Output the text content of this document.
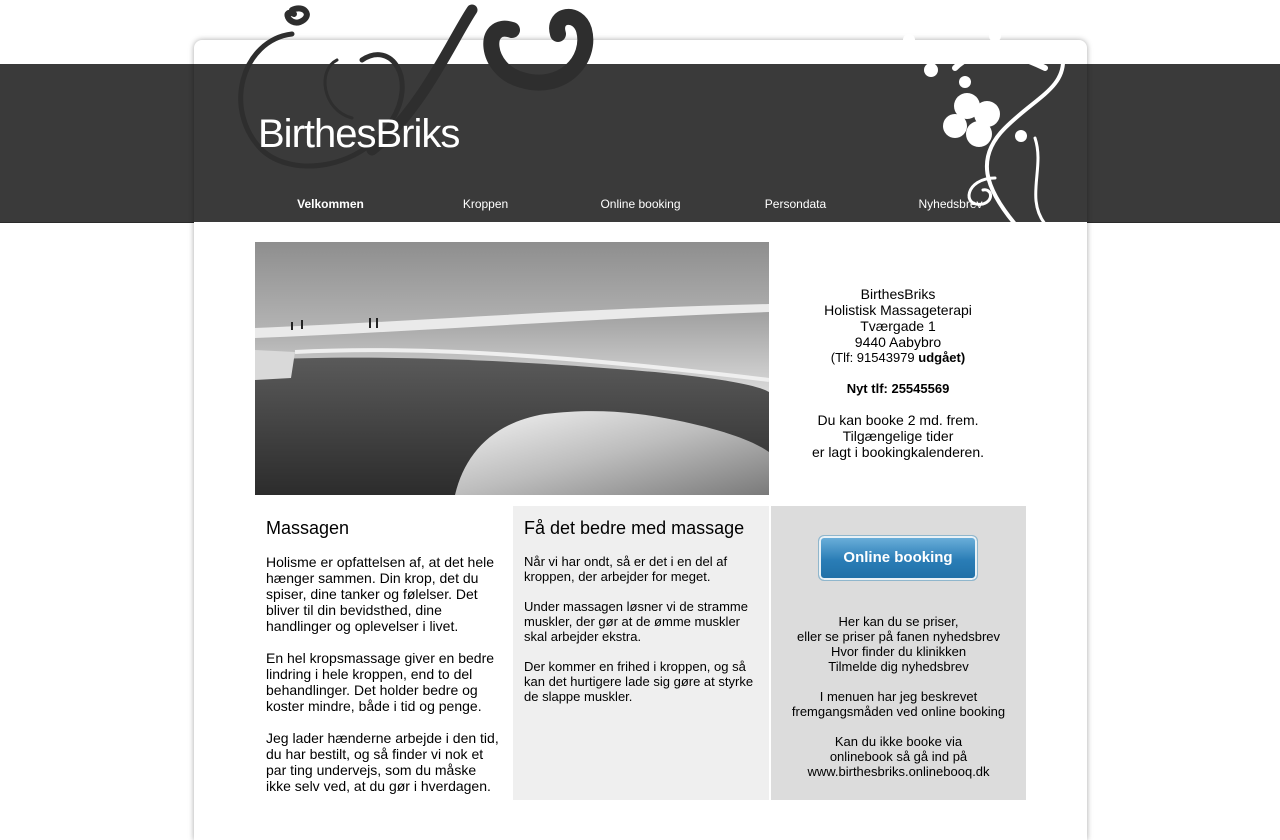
BirthesBriks
Velkommen	Kroppen	Online booking	Persondata	Nyhedsbrev
BirthesBriks
Holistisk Massageterapi
Tværgade 1
9440 Aabybro
(Tlf: 91543979 udgået)
Nyt tlf: 25545569
Du kan booke 2 md. frem.
Tilgængelige tider
er lagt i bookingkalenderen.
Massagen

Holisme er opfattelsen af, at det hele hænger sammen. Din krop, det du spiser, dine tanker og følelser. Det bliver til din bevidsthed, dine handlinger og oplevelser i livet.

En hel kropsmassage giver en bedre lindring i hele kroppen, end to del behandlinger. Det holder bedre og koster mindre, både i tid og penge.

Jeg lader hænderne arbejde i den tid, du har bestilt, og så finder vi nok et par ting undervejs, som du måske ikke selv ved, at du gør i hverdagen.

Få det bedre med massage

Når vi har ondt, så er det i en del af kroppen, der arbejder for meget.

Under massagen løsner vi de stramme muskler, der gør at de ømme muskler skal arbejder ekstra.

Der kommer en frihed i kroppen, og så kan det hurtigere lade sig gøre at styrke de slappe muskler.

Online booking
Her kan du se priser,
eller se priser på fanen nyhedsbrev
Hvor finder du klinikken
Tilmelde dig nyhedsbrev
I menuen har jeg beskrevet
fremgangsmåden ved online booking
Kan du ikke booke via
onlinebook så gå ind på
www.birthesbriks.onlinebooq.dk
